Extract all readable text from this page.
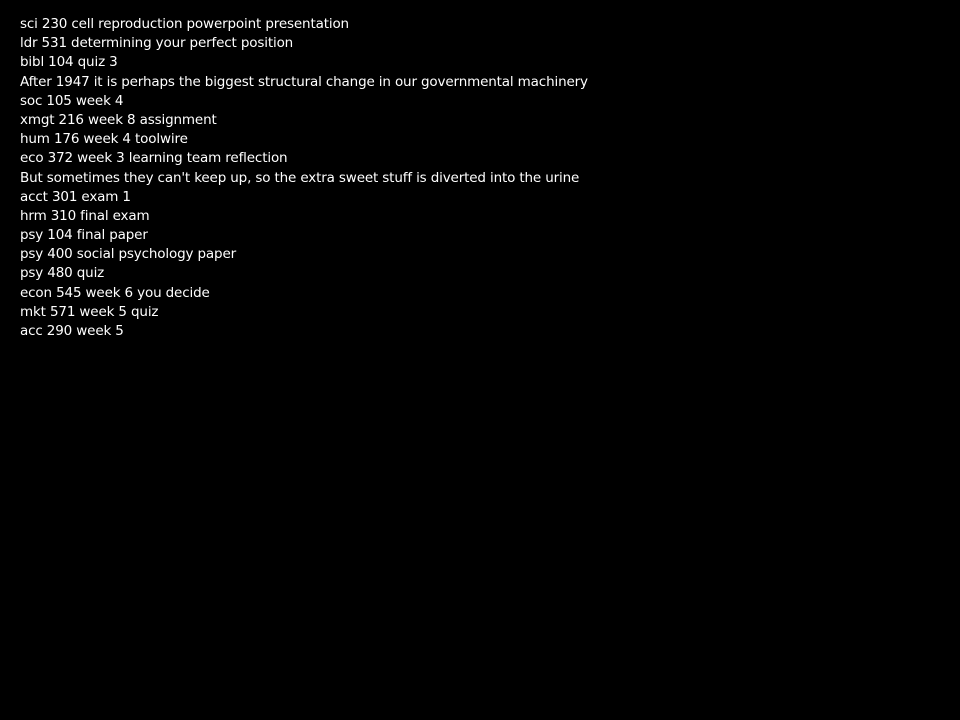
sci 230 cell reproduction powerpoint presentation
ldr 531 determining your perfect position
bibl 104 quiz 3
After 1947 it is perhaps the biggest structural change in our governmental machinery
soc 105 week 4
xmgt 216 week 8 assignment
hum 176 week 4 toolwire
eco 372 week 3 learning team reflection
But sometimes they can't keep up, so the extra sweet stuff is diverted into the urine
acct 301 exam 1
hrm 310 final exam
psy 104 final paper
psy 400 social psychology paper
psy 480 quiz
econ 545 week 6 you decide
mkt 571 week 5 quiz
acc 290 week 5
